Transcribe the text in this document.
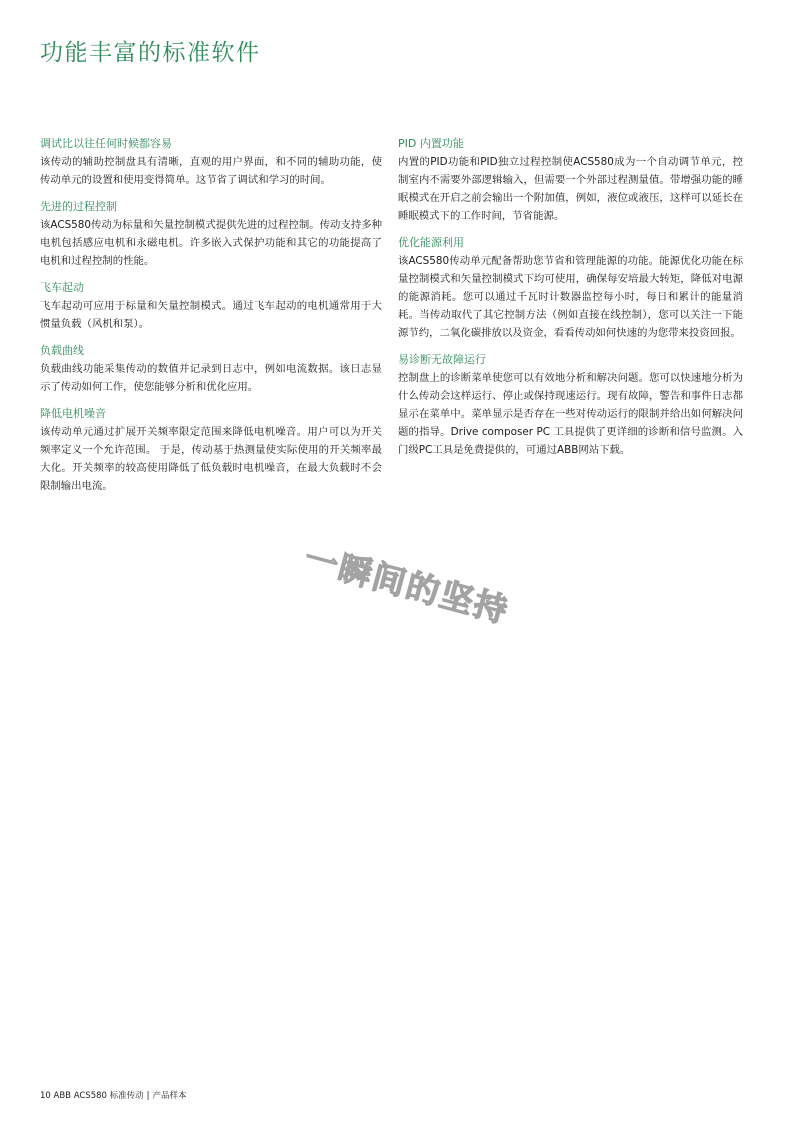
功能丰富的标准软件
调试比以往任何时候都容易

该传动的辅助控制盘具有清晰，直观的用户界面，和不同的辅助功能，使传动单元的设置和使用变得简单。这节省了调试和学习的时间。

先进的过程控制

该ACS580传动为标量和矢量控制模式提供先进的过程控制。传动支持多种电机包括感应电机和永磁电机。许多嵌入式保护功能和其它的功能提高了电机和过程控制的性能。

飞车起动

飞车起动可应用于标量和矢量控制模式。通过飞车起动的电机通常用于大惯量负载（风机和泵）。

负载曲线

负载曲线功能采集传动的数值并记录到日志中，例如电流数据。该日志显示了传动如何工作，使您能够分析和优化应用。

降低电机噪音

该传动单元通过扩展开关频率限定范围来降低电机噪音。用户可以为开关频率定义一个允许范围。 于是，传动基于热测量使实际使用的开关频率最大化。开关频率的较高使用降低了低负载时电机噪音，在最大负载时不会限制输出电流。

PID 内置功能

内置的PID功能和PID独立过程控制使ACS580成为一个自动调节单元，控制室内不需要外部逻辑输入，但需要一个外部过程测量值。带增强功能的睡眠模式在开启之前会输出一个附加值，例如，液位或液压，这样可以延长在睡眠模式下的工作时间，节省能源。

优化能源利用

该ACS580传动单元配备帮助您节省和管理能源的功能。能源优化功能在标量控制模式和矢量控制模式下均可使用，确保每安培最大转矩，降低对电源的能源消耗。您可以通过千瓦时计数器监控每小时，每日和累计的能量消耗。当传动取代了其它控制方法（例如直接在线控制），您可以关注一下能源节约，二氧化碳排放以及资金，看看传动如何快速的为您带来投资回报。

易诊断无故障运行

控制盘上的诊断菜单使您可以有效地分析和解决问题。您可以快速地分析为什么传动会这样运行、停止或保持现速运行。现有故障，警告和事件日志都显示在菜单中。菜单显示是否存在一些对传动运行的限制并给出如何解决问题的指导。Drive composer PC 工具提供了更详细的诊断和信号监测。入门级PC工具是免费提供的，可通过ABB网站下载。

一瞬间的坚持
10 ABB ACS580 标准传动 | 产品样本
